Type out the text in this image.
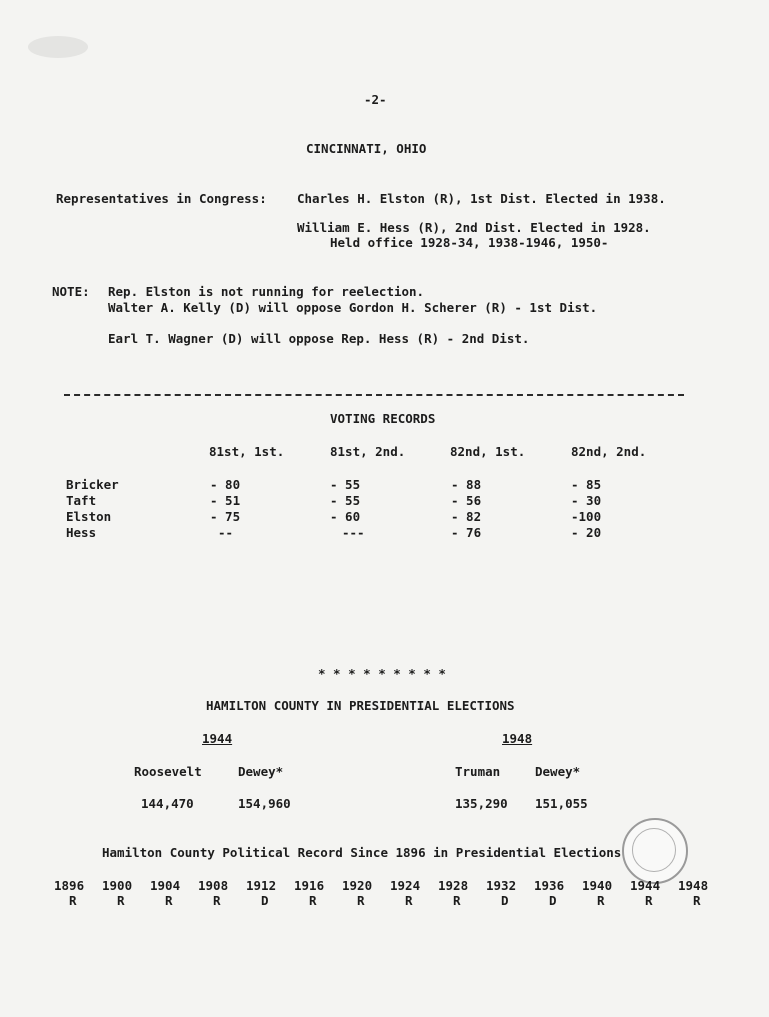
-2-
CINCINNATI, OHIO
Representatives in Congress: Charles H. Elston (R), 1st Dist. Elected in 1938.
William E. Hess (R), 2nd Dist. Elected in 1928.
Held office 1928-34, 1938-1946, 1950-
NOTE: Rep. Elston is not running for reelection.
Walter A. Kelly (D) will oppose Gordon H. Scherer (R) - 1st Dist.
Earl T. Wagner (D) will oppose Rep. Hess (R) - 2nd Dist.
VOTING RECORDS
81st, 1st.	81st, 2nd.	82nd, 1st.	82nd, 2nd.
Bricker	- 80	- 55	- 88	- 85
Taft	- 51	- 55	- 56	- 30
Elston	- 75	- 60	- 82	-100
Hess	--	---	- 76	- 20
* * * * * * * * *
HAMILTON COUNTY IN PRESIDENTIAL ELECTIONS
1944	1948
Roosevelt	Dewey*	Truman	Dewey*
144,470	154,960	135,290 151,055
Hamilton County Political Record Since 1896 in Presidential Elections
1896 1900 1904 1908 1912 1916 1920 1924 1928 1932 1936 1940 1944 1948
R	R	R	R	D	R	R	R	R	D	D	R	R	R
